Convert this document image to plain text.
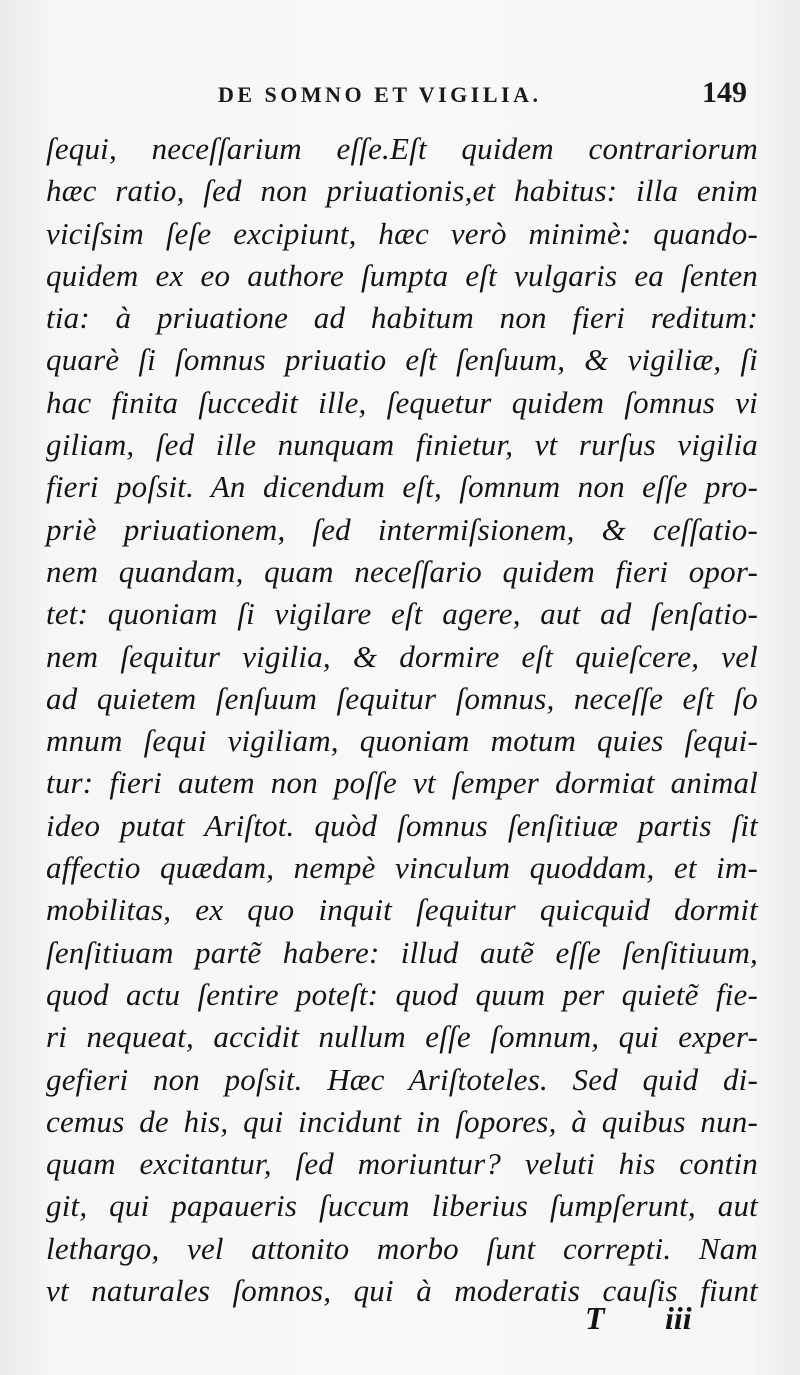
DE SOMNO ET VIGILIA.	149
ſequi, neceſſarium eſſe.Eſt quidem contrariorum
hæc ratio, ſed non priuationis,et habitus: illa enim
viciſsim ſeſe excipiunt, hæc verò minimè: quando-
quidem ex eo authore ſumpta eſt vulgaris ea ſenten
tia: à priuatione ad habitum non fieri reditum:
quarè ſi ſomnus priuatio eſt ſenſuum, & vigiliæ, ſi
hac finita ſuccedit ille, ſequetur quidem ſomnus vi
giliam, ſed ille nunquam finietur, vt rurſus vigilia
fieri poſsit. An dicendum eſt, ſomnum non eſſe pro-
priè priuationem, ſed intermiſsionem, & ceſſatio-
nem quandam, quam neceſſario quidem fieri opor-
tet: quoniam ſi vigilare eſt agere, aut ad ſenſatio-
nem ſequitur vigilia, & dormire eſt quieſcere, vel
ad quietem ſenſuum ſequitur ſomnus, neceſſe eſt ſo
mnum ſequi vigiliam, quoniam motum quies ſequi-
tur: fieri autem non poſſe vt ſemper dormiat animal
ideo putat Ariſtot. quòd ſomnus ſenſitiuæ partis ſit
affectio quædam, nempè vinculum quoddam, et im-
mobilitas, ex quo inquit ſequitur quicquid dormit
ſenſitiuam partẽ habere: illud autẽ eſſe ſenſitiuum,
quod actu ſentire poteſt: quod quum per quietẽ fie-
ri nequeat, accidit nullum eſſe ſomnum, qui exper-
gefieri non poſsit. Hæc Ariſtoteles. Sed quid di-
cemus de his, qui incidunt in ſopores, à quibus nun-
quam excitantur, ſed moriuntur? veluti his contin
git, qui papaueris ſuccum liberius ſumpſerunt, aut
lethargo, vel attonito morbo ſunt correpti. Nam
vt naturales ſomnos, qui à moderatis cauſis fiunt
T iii
